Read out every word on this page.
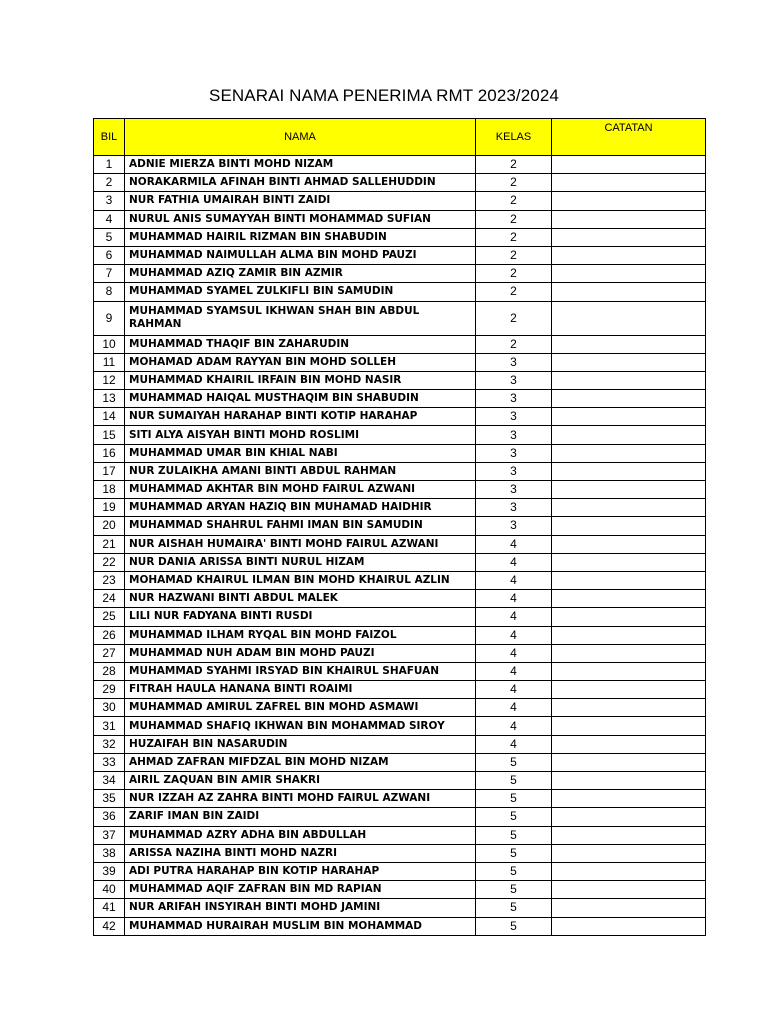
SENARAI NAMA PENERIMA RMT 2023/2024
BIL	NAMA	KELAS	CATATAN
1	ADNIE MIERZA BINTI MOHD NIZAM	2	
2	NORAKARMILA AFINAH BINTI AHMAD SALLEHUDDIN	2	
3	NUR FATHIA UMAIRAH BINTI ZAIDI	2	
4	NURUL ANIS SUMAYYAH BINTI MOHAMMAD SUFIAN	2	
5	MUHAMMAD HAIRIL RIZMAN BIN SHABUDIN	2	
6	MUHAMMAD NAIMULLAH ALMA BIN MOHD PAUZI	2	
7	MUHAMMAD AZIQ ZAMIR BIN AZMIR	2	
8	MUHAMMAD SYAMEL ZULKIFLI BIN SAMUDIN	2	
9	MUHAMMAD SYAMSUL IKHWAN SHAH BIN ABDUL RAHMAN	2	
10	MUHAMMAD THAQIF BIN ZAHARUDIN	2	
11	MOHAMAD ADAM RAYYAN BIN MOHD SOLLEH	3	
12	MUHAMMAD KHAIRIL IRFAIN BIN MOHD NASIR	3	
13	MUHAMMAD HAIQAL MUSTHAQIM BIN SHABUDIN	3	
14	NUR SUMAIYAH HARAHAP BINTI KOTIP HARAHAP	3	
15	SITI ALYA AISYAH BINTI MOHD ROSLIMI	3	
16	MUHAMMAD UMAR BIN KHIAL NABI	3	
17	NUR ZULAIKHA AMANI BINTI ABDUL RAHMAN	3	
18	MUHAMMAD AKHTAR BIN MOHD FAIRUL AZWANI	3	
19	MUHAMMAD ARYAN HAZIQ BIN MUHAMAD HAIDHIR	3	
20	MUHAMMAD SHAHRUL FAHMI IMAN BIN SAMUDIN	3	
21	NUR AISHAH HUMAIRA' BINTI MOHD FAIRUL AZWANI	4	
22	NUR DANIA ARISSA BINTI NURUL HIZAM	4	
23	MOHAMAD KHAIRUL ILMAN BIN MOHD KHAIRUL AZLIN	4	
24	NUR HAZWANI BINTI ABDUL MALEK	4	
25	LILI NUR FADYANA BINTI RUSDI	4	
26	MUHAMMAD ILHAM RYQAL BIN MOHD FAIZOL	4	
27	MUHAMMAD NUH ADAM BIN MOHD PAUZI	4	
28	MUHAMMAD SYAHMI IRSYAD BIN KHAIRUL SHAFUAN	4	
29	FITRAH HAULA HANANA BINTI ROAIMI	4	
30	MUHAMMAD AMIRUL ZAFREL BIN MOHD ASMAWI	4	
31	MUHAMMAD SHAFIQ IKHWAN BIN MOHAMMAD SIROY	4	
32	HUZAIFAH BIN NASARUDIN	4	
33	AHMAD ZAFRAN MIFDZAL BIN MOHD NIZAM	5	
34	AIRIL ZAQUAN BIN AMIR SHAKRI	5	
35	NUR IZZAH AZ ZAHRA BINTI MOHD FAIRUL AZWANI	5	
36	ZARIF IMAN BIN ZAIDI	5	
37	MUHAMMAD AZRY ADHA BIN ABDULLAH	5	
38	ARISSA NAZIHA BINTI MOHD NAZRI	5	
39	ADI PUTRA HARAHAP BIN KOTIP HARAHAP	5	
40	MUHAMMAD AQIF ZAFRAN BIN MD RAPIAN	5	
41	NUR ARIFAH INSYIRAH BINTI MOHD JAMINI	5	
42	MUHAMMAD HURAIRAH MUSLIM BIN MOHAMMAD	5	
